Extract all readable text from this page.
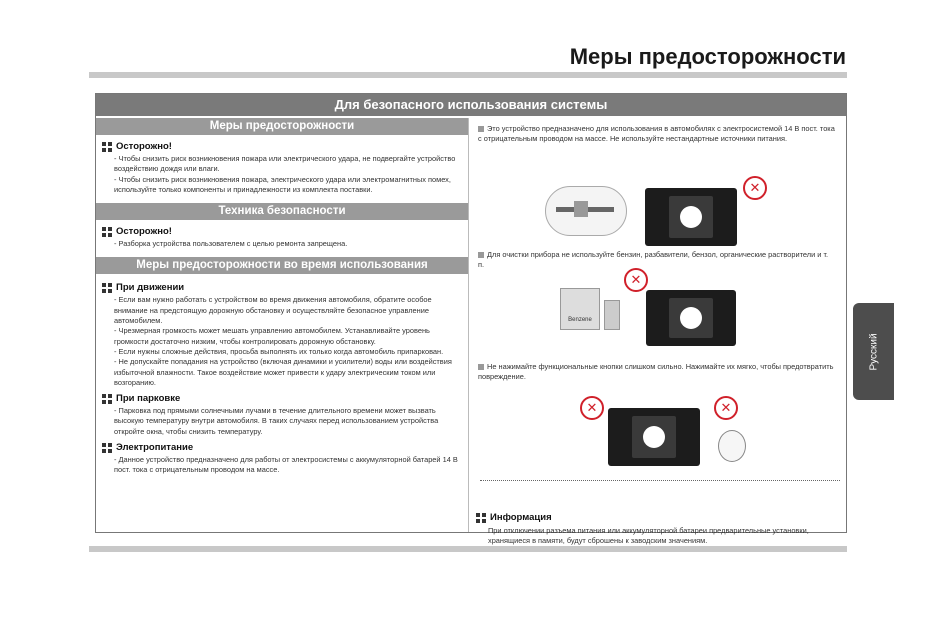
Меры предосторожности
Для безопасного использования системы
Меры предосторожности
Осторожно!
- Чтобы снизить риск возникновения пожара или электрического удара, не подвергайте устройство воздействию дождя или влаги.
- Чтобы снизить риск возникновения пожара, электрического удара или электромагнитных помех, используйте только компоненты и принадлежности из комплекта поставки.
Техника безопасности
Осторожно!
- Разборка устройства пользователем с целью ремонта запрещена.
Меры предосторожности во время использования
При движении
- Если вам нужно работать с устройством во время движения автомобиля, обратите особое внимание на предстоящую дорожную обстановку и осуществляйте безопасное управление автомобилем.
- Чрезмерная громкость может мешать управлению автомобилем. Устанавливайте уровень громкости достаточно низким, чтобы контролировать дорожную обстановку.
- Если нужны сложные действия, просьба выполнять их только когда автомобиль припаркован.
- Не допускайте попадания на устройство (включая динамики и усилители) воды или воздействия избыточной влажности. Такое воздействие может привести к удару электрическим током или возгоранию.
При парковке
- Парковка под прямыми солнечными лучами в течение длительного времени может вызвать высокую температуру внутри автомобиля. В таких случаях перед использованием устройства откройте окна, чтобы снизить температуру.
Электропитание
- Данное устройство предназначено для работы от электросистемы с аккумуляторной батарей 14 В пост. тока с отрицательным проводом на массе.
Это устройство предназначено для использования в автомобилях с электросистемой 14 В пост. тока с отрицательным проводом на массе. Не используйте нестандартные источники питания.
✕
Для очистки прибора не используйте бензин, разбавители, бензол, органические растворители и т. п.
Benzene
✕
Не нажимайте функциональные кнопки слишком сильно. Нажимайте их мягко, чтобы предотвратить повреждение.
✕	✕
Информация
При отключении разъема питания или аккумуляторной батареи предварительные установки, хранящиеся в памяти, будут сброшены к заводским значениям.
Русский
